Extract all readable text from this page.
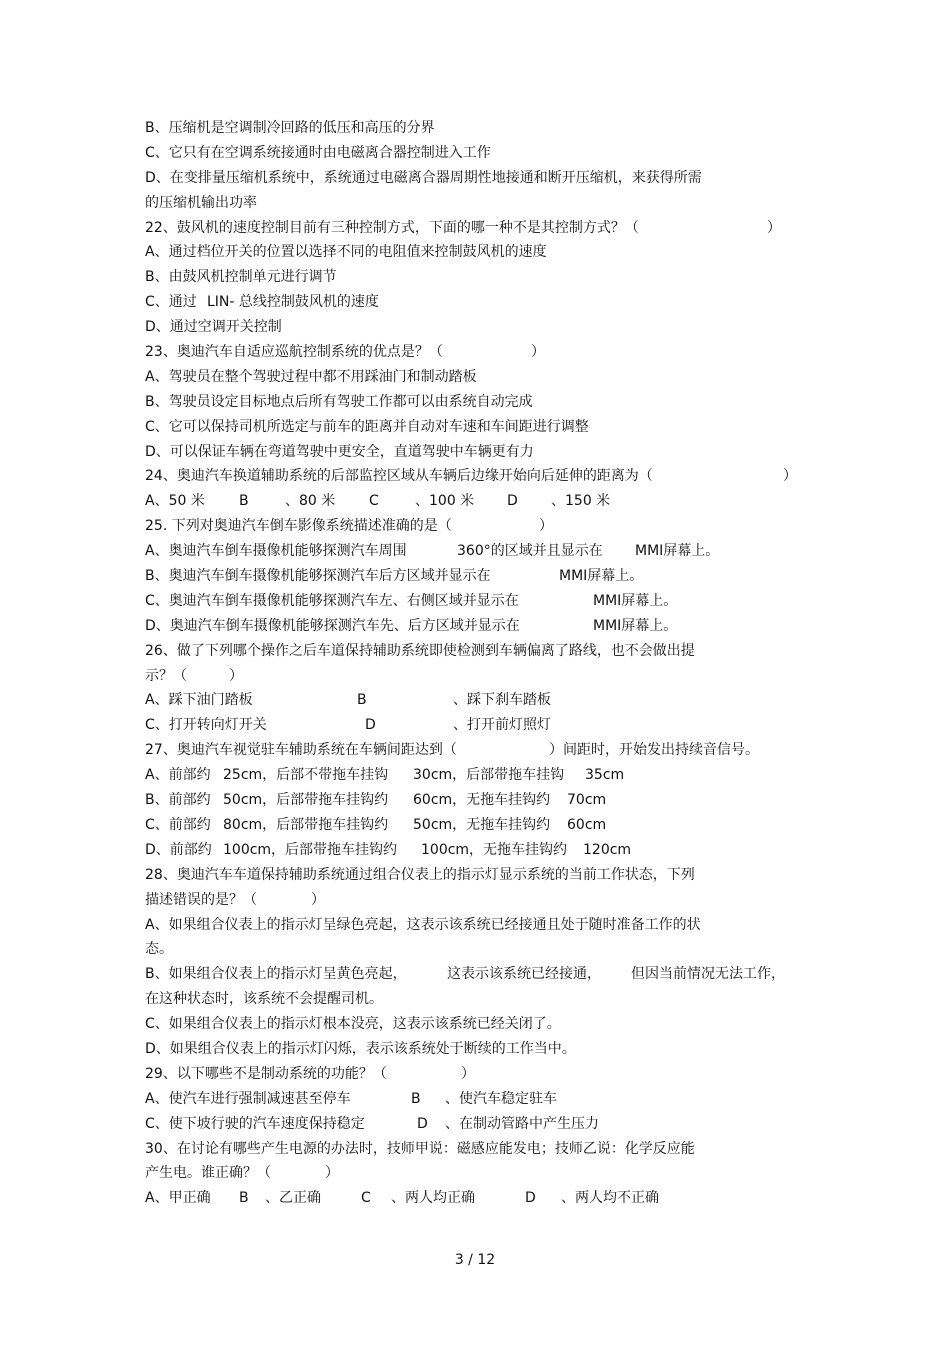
B、压缩机是空调制冷回路的低压和高压的分界
C、它只有在空调系统接通时由电磁离合器控制进入工作
D、在变排量压缩机系统中，系统通过电磁离合器周期性地接通和断开压缩机，来获得所需
的压缩机输出功率
22、鼓风机的速度控制目前有三种控制方式，下面的哪一种不是其控制方式？（	）
A、通过档位开关的位置以选择不同的电阻值来控制鼓风机的速度
B、由鼓风机控制单元进行调节
C、通过 LIN- 总线控制鼓风机的速度
D、通过空调开关控制
23、奥迪汽车自适应巡航控制系统的优点是？（	）
A、驾驶员在整个驾驶过程中都不用踩油门和制动踏板
B、驾驶员设定目标地点后所有驾驶工作都可以由系统自动完成
C、它可以保持司机所选定与前车的距离并自动对车速和车间距进行调整
D、可以保证车辆在弯道驾驶中更安全，直道驾驶中车辆更有力
24、奥迪汽车换道辅助系统的后部监控区域从车辆后边缘开始向后延伸的距离为（	）
A、50 米 B	、80 米 C	、100 米 D 、150 米
25. 下列对奥迪汽车倒车影像系统描述准确的是（	）
A、奥迪汽车倒车摄像机能够探测汽车周围	360°的区域并且显示在 MMI屏幕上。
B、奥迪汽车倒车摄像机能够探测汽车后方区域并显示在	MMI屏幕上。
C、奥迪汽车倒车摄像机能够探测汽车左、右侧区域并显示在	MMI屏幕上。
D、奥迪汽车倒车摄像机能够探测汽车先、后方区域并显示在	MMI屏幕上。
26、做了下列哪个操作之后车道保持辅助系统即使检测到车辆偏离了路线，也不会做出提
示？（	）
A、踩下油门踏板	B	、踩下刹车踏板
C、打开转向灯开关	D	、打开前灯照灯
27、奥迪汽车视觉驻车辅助系统在车辆间距达到（	）间距时，开始发出持续音信号。
A、前部约 25cm，后部不带拖车挂钩 30cm，后部带拖车挂钩 35cm
B、前部约 50cm，后部带拖车挂钩约 60cm，无拖车挂钩约 70cm
C、前部约 80cm，后部带拖车挂钩约 50cm，无拖车挂钩约 60cm
D、前部约 100cm，后部带拖车挂钩约 100cm，无拖车挂钩约 120cm
28、奥迪汽车车道保持辅助系统通过组合仪表上的指示灯显示系统的当前工作状态，下列
描述错误的是？（	）
A、如果组合仪表上的指示灯呈绿色亮起，这表示该系统已经接通且处于随时准备工作的状
态。
B、如果组合仪表上的指示灯呈黄色亮起，	这表示该系统已经接通， 但因当前情况无法工作，
在这种状态时，该系统不会提醒司机。
C、如果组合仪表上的指示灯根本没亮，这表示该系统已经关闭了。
D、如果组合仪表上的指示灯闪烁，表示该系统处于断续的工作当中。
29、以下哪些不是制动系统的功能？（	）
A、使汽车进行强制减速甚至停车	B 、使汽车稳定驻车
C、使下坡行驶的汽车速度保持稳定	D 、在制动管路中产生压力
30、在讨论有哪些产生电源的办法时，技师甲说：磁感应能发电；技师乙说：化学反应能
产生电。谁正确？（	）
A、甲正确 B 、乙正确	C 、两人均正确	D 、两人均不正确
3 / 12
